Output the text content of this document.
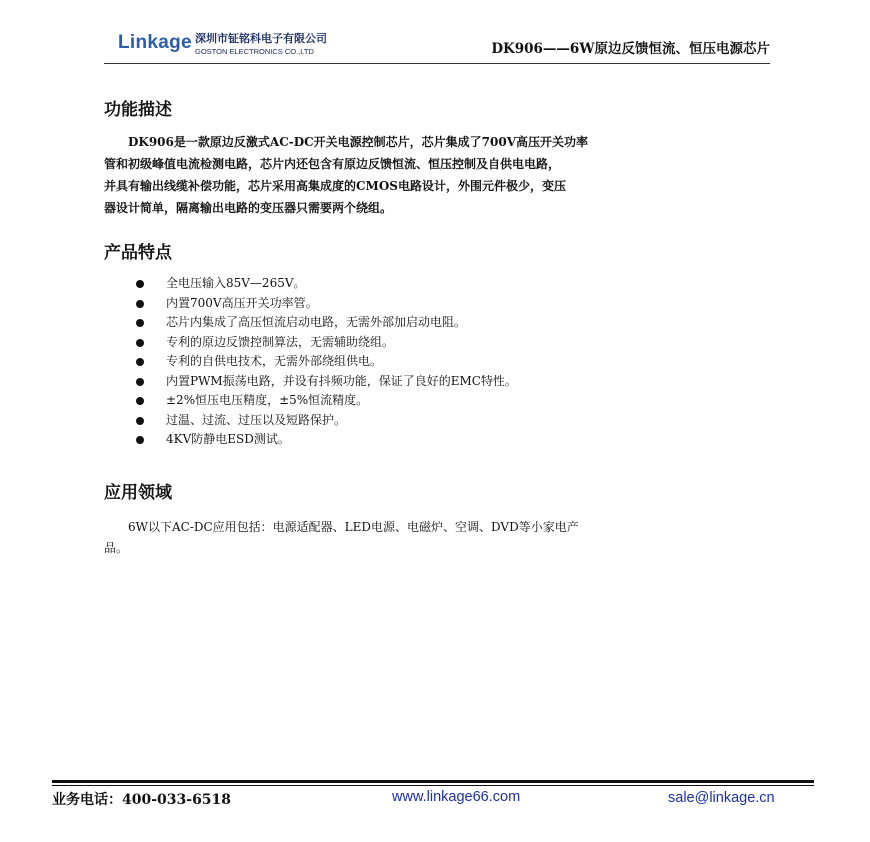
Linkage 深圳市钲铭科电子有限公司
GOSTON ELECTRONICS CO.,LTD	DK906——6W原边反馈恒流、恒压电源芯片
功能描述

　　DK906是一款原边反激式AC-DC开关电源控制芯片，芯片集成了700V高压开关功率

管和初级峰值电流检测电路，芯片内还包含有原边反馈恒流、恒压控制及自供电电路，

并具有输出线缆补偿功能，芯片采用高集成度的CMOS电路设计，外围元件极少，变压

器设计简单，隔离输出电路的变压器只需要两个绕组。

产品特点
全电压输入85V—265V。
内置700V高压开关功率管。
芯片内集成了高压恒流启动电路，无需外部加启动电阻。
专利的原边反馈控制算法，无需辅助绕组。
专利的自供电技术，无需外部绕组供电。
内置PWM振荡电路，并设有抖频功能，保证了良好的EMC特性。
±2%恒压电压精度，±5%恒流精度。
过温、过流、过压以及短路保护。
4KV防静电ESD测试。
应用领域

　　6W以下AC-DC应用包括：电源适配器、LED电源、电磁炉、空调、DVD等小家电产

品。

业务电话：400-033-6518	www.linkage66.com	sale@linkage.cn
